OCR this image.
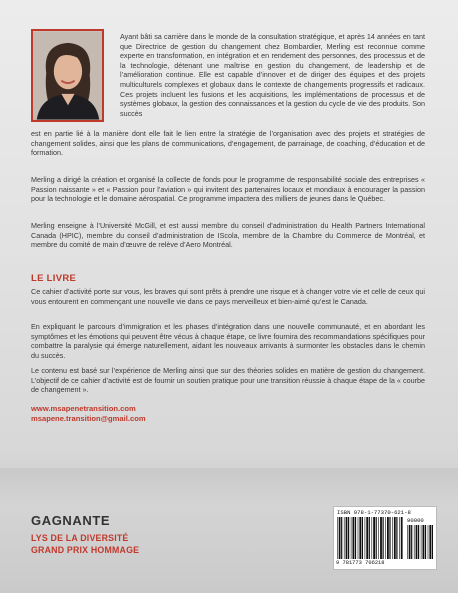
Ayant bâti sa carrière dans le monde de la consultation stratégique, et après 14 années en tant que Directrice de gestion du changement chez Bombardier, Merling est reconnue comme experte en transformation, en intégration et en rendement des personnes, des processus et de la technologie, détenant une maîtrise en gestion du changement, de leadership et de l’amélioration continue. Elle est capable d’innover et de diriger des équipes et des projets multiculturels complexes et globaux dans le contexte de changements progressifs et radicaux. Ces projets incluent les fusions et les acquisitions, les implémentations de processus et de systèmes globaux, la gestion des connaissances et la gestion du cycle de vie des produits. Son succès

est en partie lié à la manière dont elle fait le lien entre la stratégie de l’organisation avec des projets et stratégies de changement solides, ainsi que les plans de communications, d’engagement, de parrainage, de coaching, d’éducation et de formation.

Merling a dirigé la création et organisé la collecte de fonds pour le programme de responsabilité sociale des entreprises « Passion naissante » et « Passion pour l’aviation » qui invitent des partenaires locaux et mondiaux à encourager la passion pour la technologie et le domaine aérospatial. Ce programme impactera des milliers de jeunes dans le Québec.

Merling enseigne à l’Université McGill, et est aussi membre du conseil d’administration du Health Partners International Canada (HPIC), membre du conseil d’administration de IScola, membre de la Chambre du Commerce de Montréal, et membre du comité de main d’œuvre de relève d’Aero Montréal.

LE LIVRE

Ce cahier d’activité porte sur vous, les braves qui sont prêts à prendre une risque et à changer votre vie et celle de ceux qui vous entourent en commençant une nouvelle vie dans ce pays merveilleux et bien-aimé qu’est le Canada.

En expliquant le parcours d’immigration et les phases d’intégration dans une nouvelle communauté, et en abordant les symptômes et les émotions qui peuvent être vécus à chaque étape, ce livre fournira des recommandations spécifiques pour combattre la paralysie qui émerge naturellement, aidant les nouveaux arrivants à surmonter les obstacles dans le chemin du succès.

Le contenu est basé sur l’expérience de Merling ainsi que sur des théories solides en matière de gestion du changement. L’objectif de ce cahier d’activité est de fournir un soutien pratique pour une transition réussie à chaque étape de la « courbe de changement ».

www.msapenetransition.com
msapene.transition@gmail.com
GAGNANTE
LYS DE LA DIVERSITÉ
GRAND PRIX HOMMAGE
ISBN 978-1-77370-621-8
90000
9 781773 706218
